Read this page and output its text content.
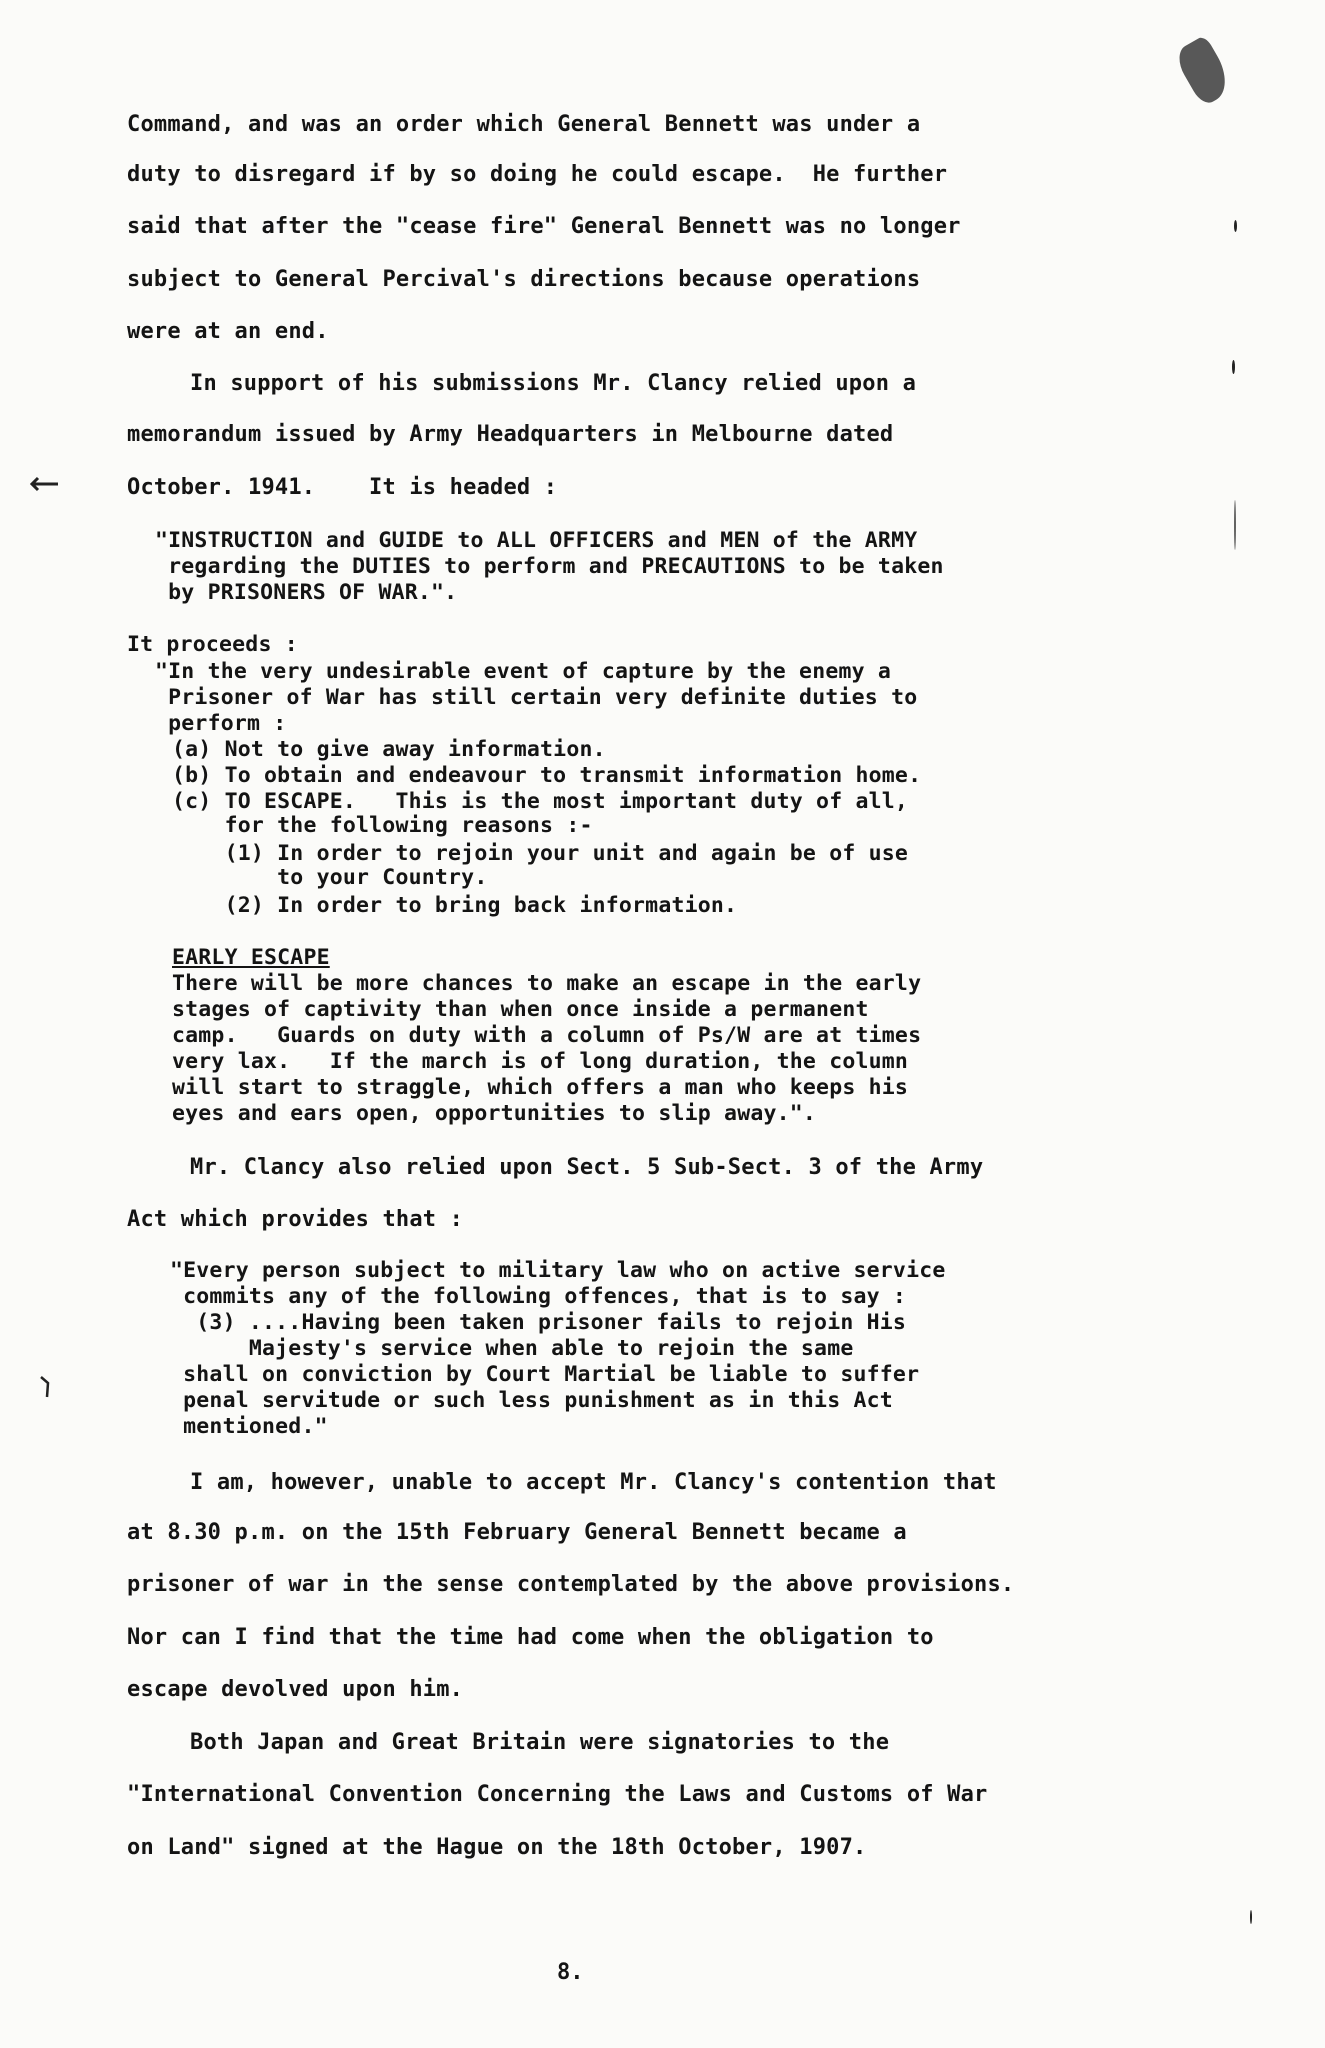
Command, and was an order which General Bennett was under a
duty to disregard if by so doing he could escape.  He further
said that after the "cease fire" General Bennett was no longer
subject to General Percival's directions because operations
were at an end.
In support of his submissions Mr. Clancy relied upon a
memorandum issued by Army Headquarters in Melbourne dated
October. 1941.    It is headed :
"INSTRUCTION and GUIDE to ALL OFFICERS and MEN of the ARMY
regarding the DUTIES to perform and PRECAUTIONS to be taken
by PRISONERS OF WAR.".
It proceeds :
"In the very undesirable event of capture by the enemy a
Prisoner of War has still certain very definite duties to
perform :
(a) Not to give away information.
(b) To obtain and endeavour to transmit information home.
(c) TO ESCAPE.   This is the most important duty of all,
for the following reasons :-
(1) In order to rejoin your unit and again be of use
to your Country.
(2) In order to bring back information.
EARLY ESCAPE
There will be more chances to make an escape in the early
stages of captivity than when once inside a permanent
camp.   Guards on duty with a column of Ps/W are at times
very lax.   If the march is of long duration, the column
will start to straggle, which offers a man who keeps his
eyes and ears open, opportunities to slip away.".
Mr. Clancy also relied upon Sect. 5 Sub-Sect. 3 of the Army
Act which provides that :
"Every person subject to military law who on active service
commits any of the following offences, that is to say :
(3) ....Having been taken prisoner fails to rejoin His
Majesty's service when able to rejoin the same
shall on conviction by Court Martial be liable to suffer
penal servitude or such less punishment as in this Act
mentioned."
I am, however, unable to accept Mr. Clancy's contention that
at 8.30 p.m. on the 15th February General Bennett became a
prisoner of war in the sense contemplated by the above provisions.
Nor can I find that the time had come when the obligation to
escape devolved upon him.
Both Japan and Great Britain were signatories to the
"International Convention Concerning the Laws and Customs of War
on Land" signed at the Hague on the 18th October, 1907.
8.
